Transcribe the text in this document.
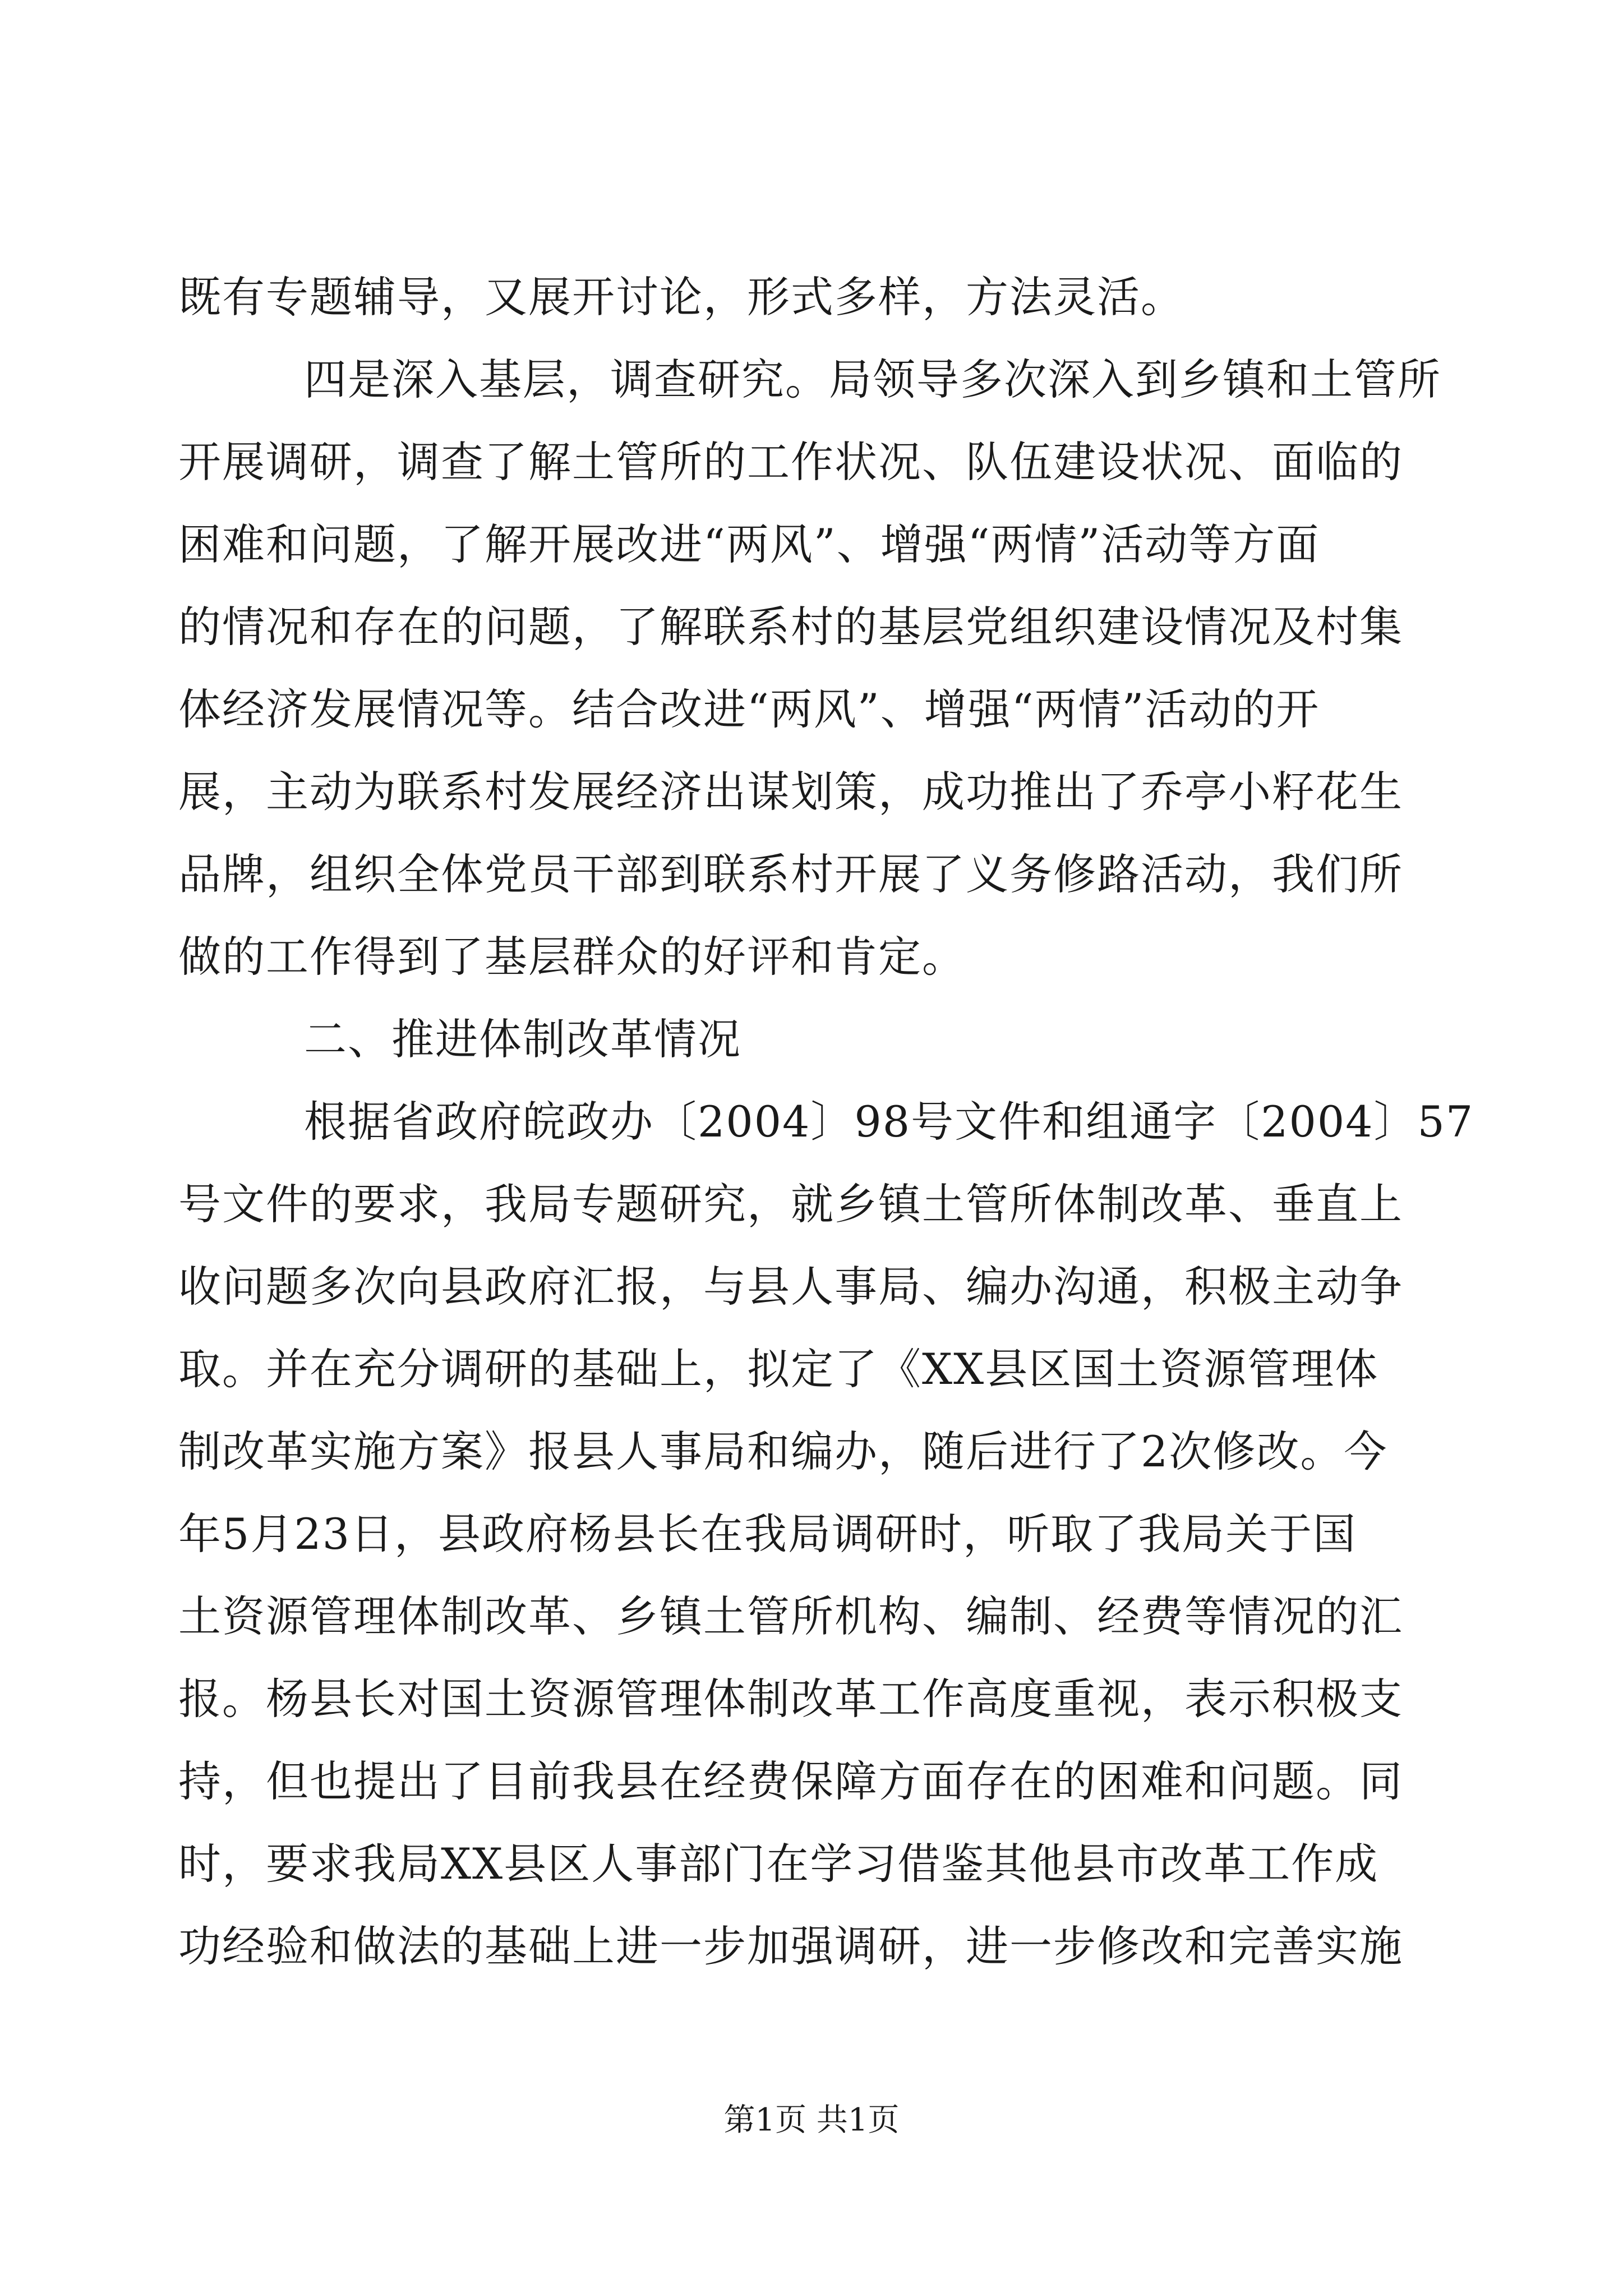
既有专题辅导，又展开讨论，形式多样，方法灵活。
四是深入基层，调查研究。局领导多次深入到乡镇和土管所
开展调研，调查了解土管所的工作状况、队伍建设状况、面临的
困难和问题，了解开展改进“两风”、增强“两情”活动等方面
的情况和存在的问题，了解联系村的基层党组织建设情况及村集
体经济发展情况等。结合改进“两风”、增强“两情”活动的开
展，主动为联系村发展经济出谋划策，成功推出了乔亭小籽花生
品牌，组织全体党员干部到联系村开展了义务修路活动，我们所
做的工作得到了基层群众的好评和肯定。
二、推进体制改革情况
根据省政府皖政办〔2004〕98号文件和组通字〔2004〕57
号文件的要求，我局专题研究，就乡镇土管所体制改革、垂直上
收问题多次向县政府汇报，与县人事局、编办沟通，积极主动争
取。并在充分调研的基础上，拟定了《XX县区国土资源管理体
制改革实施方案》报县人事局和编办，随后进行了2次修改。今
年5月23日，县政府杨县长在我局调研时，听取了我局关于国
土资源管理体制改革、乡镇土管所机构、编制、经费等情况的汇
报。杨县长对国土资源管理体制改革工作高度重视，表示积极支
持，但也提出了目前我县在经费保障方面存在的困难和问题。同
时，要求我局XX县区人事部门在学习借鉴其他县市改革工作成
功经验和做法的基础上进一步加强调研，进一步修改和完善实施
第1页 共1页
